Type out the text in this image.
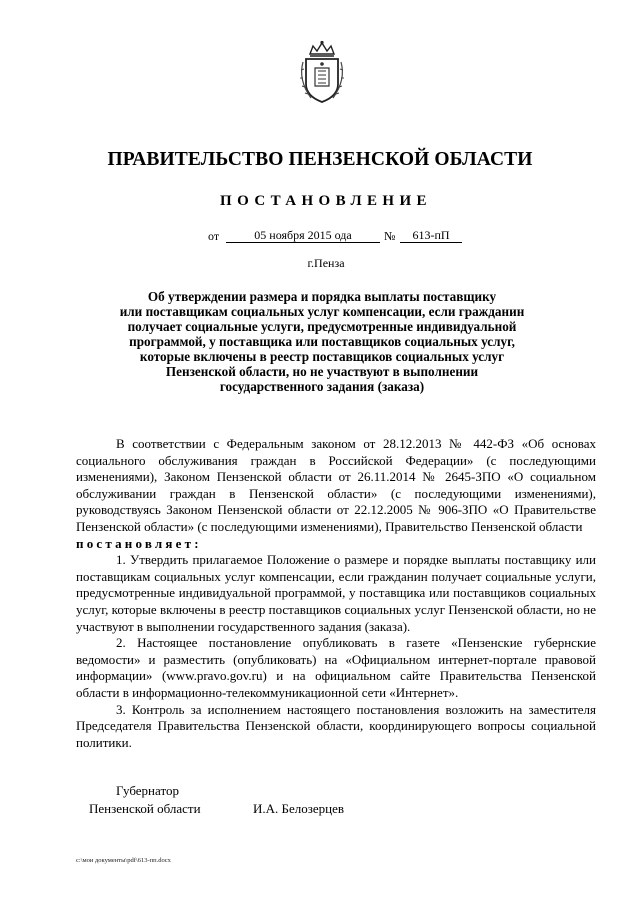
ПРАВИТЕЛЬСТВО ПЕНЗЕНСКОЙ ОБЛАСТИ
ПОСТАНОВЛЕНИЕ
от	05 ноября 2015 ода	№	613-пП
г.Пенза
Об утверждении размера и порядка выплаты поставщику
или поставщикам социальных услуг компенсации, если гражданин
получает социальные услуги, предусмотренные индивидуальной
программой, у поставщика или поставщиков социальных услуг,
которые включены в реестр поставщиков социальных услуг
Пензенской области, но не участвуют в выполнении
государственного задания (заказа)

В соответствии с Федеральным законом от 28.12.2013 № 442-ФЗ «Об основах социального обслуживания граждан в Российской Федерации» (с последующими изменениями), Законом Пензенской области от 26.11.2014 № 2645-ЗПО «О социальном обслуживании граждан в Пензенской области» (с последующими изменениями), руководствуясь Законом Пензенской области от 22.12.2005 № 906-ЗПО «О Правительстве Пензенской области» (с последующими изменениями), Правительство Пензенской области

постановляет:

1. Утвердить прилагаемое Положение о размере и порядке выплаты поставщику или поставщикам социальных услуг компенсации, если гражданин получает социальные услуги, предусмотренные индивидуальной программой, у поставщика или поставщиков социальных услуг, которые включены в реестр поставщиков социальных услуг Пензенской области, но не участвуют в выполнении государственного задания (заказа).

2. Настоящее постановление опубликовать в газете «Пензенские губернские ведомости» и разместить (опубликовать) на «Официальном интернет-портале правовой информации» (www.pravo.gov.ru) и на официальном сайте Правительства Пензенской области в информационно-телекоммуникационной сети «Интернет».

3. Контроль за исполнением настоящего постановления возложить на заместителя Председателя Правительства Пензенской области, координирующего вопросы социальной политики.

Губернатор
Пензенской области	И.А. Белозерцев
c:\мои документы\pdf\613-пп.docx
